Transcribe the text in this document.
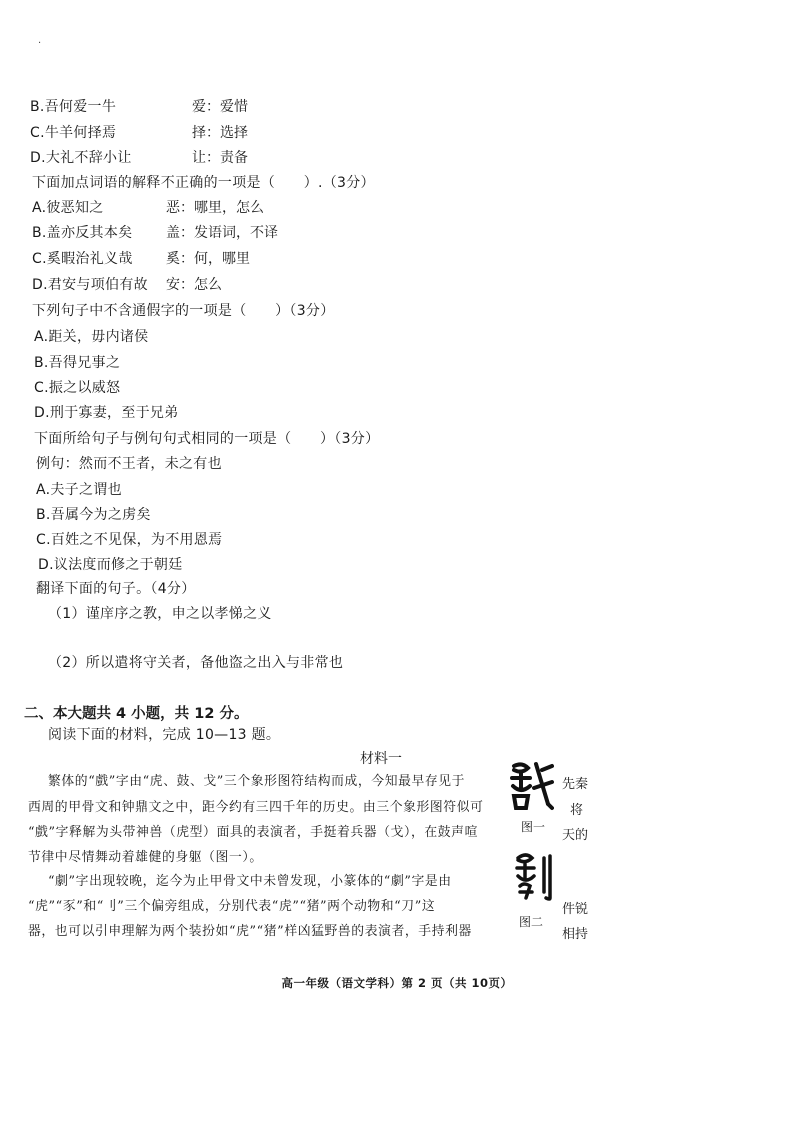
·
B.吾何爱一牛	爱：爱惜
C.牛羊何择焉	择：选择
D.大礼不辞小让	让：责备
下面加点词语的解释不正确的一项是（　　）.（3分）
A.彼恶知之	恶：哪里，怎么
B.盖亦反其本矣 盖：发语词，不译
C.奚暇治礼义哉 奚：何，哪里
D.君安与项伯有故 安：怎么
下列句子中不含通假字的一项是（　　）（3分）
A.距关，毋内诸侯
B.吾得兄事之
C.振之以威怒
D.刑于寡妻，至于兄弟
下面所给句子与例句句式相同的一项是（　　）（3分）
例句：然而不王者，未之有也
A.夫子之谓也
B.吾属今为之虏矣
C.百姓之不见保，为不用恩焉
D.议法度而修之于朝廷
翻译下面的句子。（4分）
（1）谨庠序之教，申之以孝悌之义
（2）所以遣将守关者，备他盗之出入与非常也
二、本大题共 4 小题，共 12 分。
阅读下面的材料，完成 10—13 题。
材料一
繁体的“戲”字由“虎、鼓、戈”三个象形图符结构而成，今知最早存见于
西周的甲骨文和钟鼎文之中，距今约有三四千年的历史。由三个象形图符似可
“戲”字释解为头带神兽（虎型）面具的表演者，手挺着兵器（戈），在鼓声喧
节律中尽情舞动着雄健的身躯（图一）。
“劇”字出现较晚，迄今为止甲骨文中未曾发现，小篆体的“劇”字是由
“虎”“豕”和“刂”三个偏旁组成，分别代表“虎”“猪”两个动物和“刀”这
器，也可以引申理解为两个装扮如“虎”“猪”样凶猛野兽的表演者，手持利器
图一
图二
先秦
将
天的
件锐
相持
高一年级（语文学科）第 2 页（共 10页）
